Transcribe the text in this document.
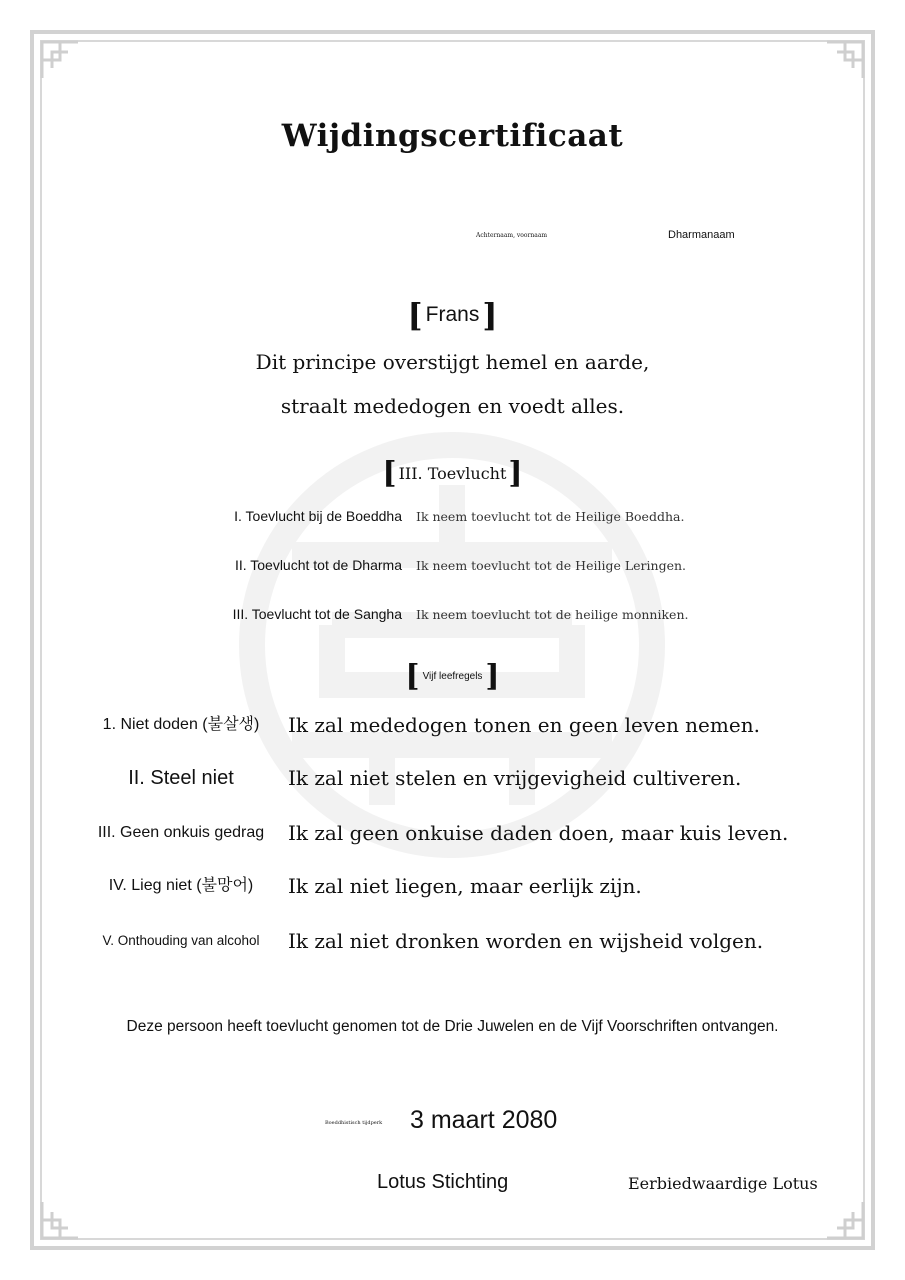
Wijdingscertificaat
Achternaam, voornaam	Dharmanaam
[ Frans ]
Dit principe overstijgt hemel en aarde,
straalt mededogen en voedt alles.
[ III. Toevlucht ]
I. Toevlucht bij de Boeddha Ik neem toevlucht tot de Heilige Boeddha.
II. Toevlucht tot de Dharma Ik neem toevlucht tot de Heilige Leringen.
III. Toevlucht tot de Sangha Ik neem toevlucht tot de heilige monniken.
[ Vijf leefregels ]
1. Niet doden (불살생)	Ik zal mededogen tonen en geen leven nemen.
II. Steel niet	Ik zal niet stelen en vrijgevigheid cultiveren.
III. Geen onkuis gedrag	Ik zal geen onkuise daden doen, maar kuis leven.
IV. Lieg niet (불망어)	Ik zal niet liegen, maar eerlijk zijn.
V. Onthouding van alcohol	Ik zal niet dronken worden en wijsheid volgen.
Deze persoon heeft toevlucht genomen tot de Drie Juwelen en de Vijf Voorschriften ontvangen.
Boeddhistisch tijdperk 3 maart 2080
Lotus Stichting	Eerbiedwaardige Lotus
